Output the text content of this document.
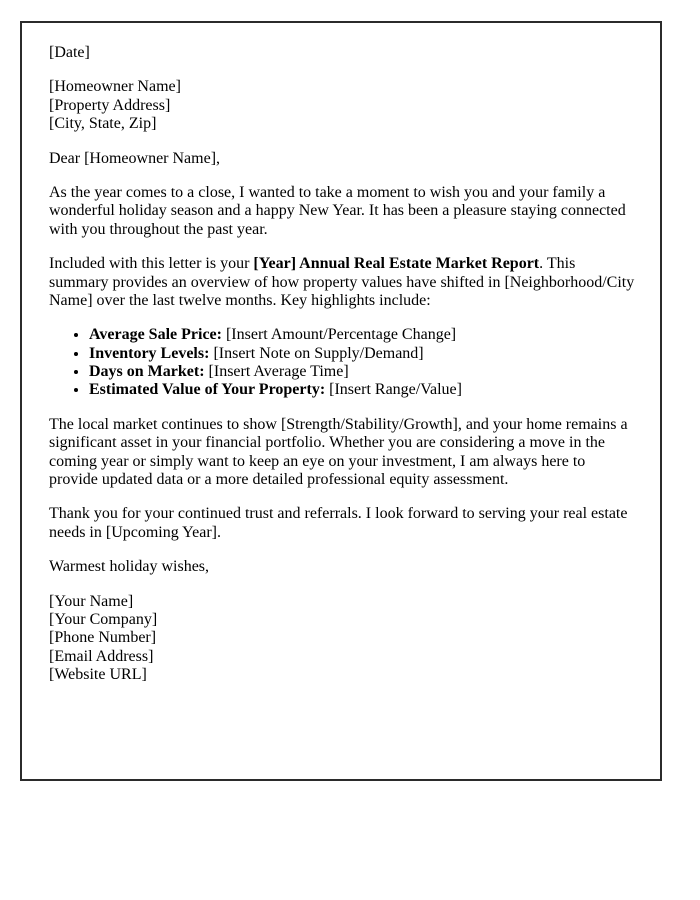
[Date]

[Homeowner Name]
[Property Address]
[City, State, Zip]

Dear [Homeowner Name],

As the year comes to a close, I wanted to take a moment to wish you and your family a wonderful holiday season and a happy New Year. It has been a pleasure staying connected with you throughout the past year.

Included with this letter is your [Year] Annual Real Estate Market Report. This summary provides an overview of how property values have shifted in [Neighborhood/City Name] over the last twelve months. Key highlights include:

• Average Sale Price: [Insert Amount/Percentage Change]
• Inventory Levels: [Insert Note on Supply/Demand]
• Days on Market: [Insert Average Time]
• Estimated Value of Your Property: [Insert Range/Value]

The local market continues to show [Strength/Stability/Growth], and your home remains a significant asset in your financial portfolio. Whether you are considering a move in the coming year or simply want to keep an eye on your investment, I am always here to provide updated data or a more detailed professional equity assessment.

Thank you for your continued trust and referrals. I look forward to serving your real estate needs in [Upcoming Year].

Warmest holiday wishes,

[Your Name]
[Your Company]
[Phone Number]
[Email Address]
[Website URL]
